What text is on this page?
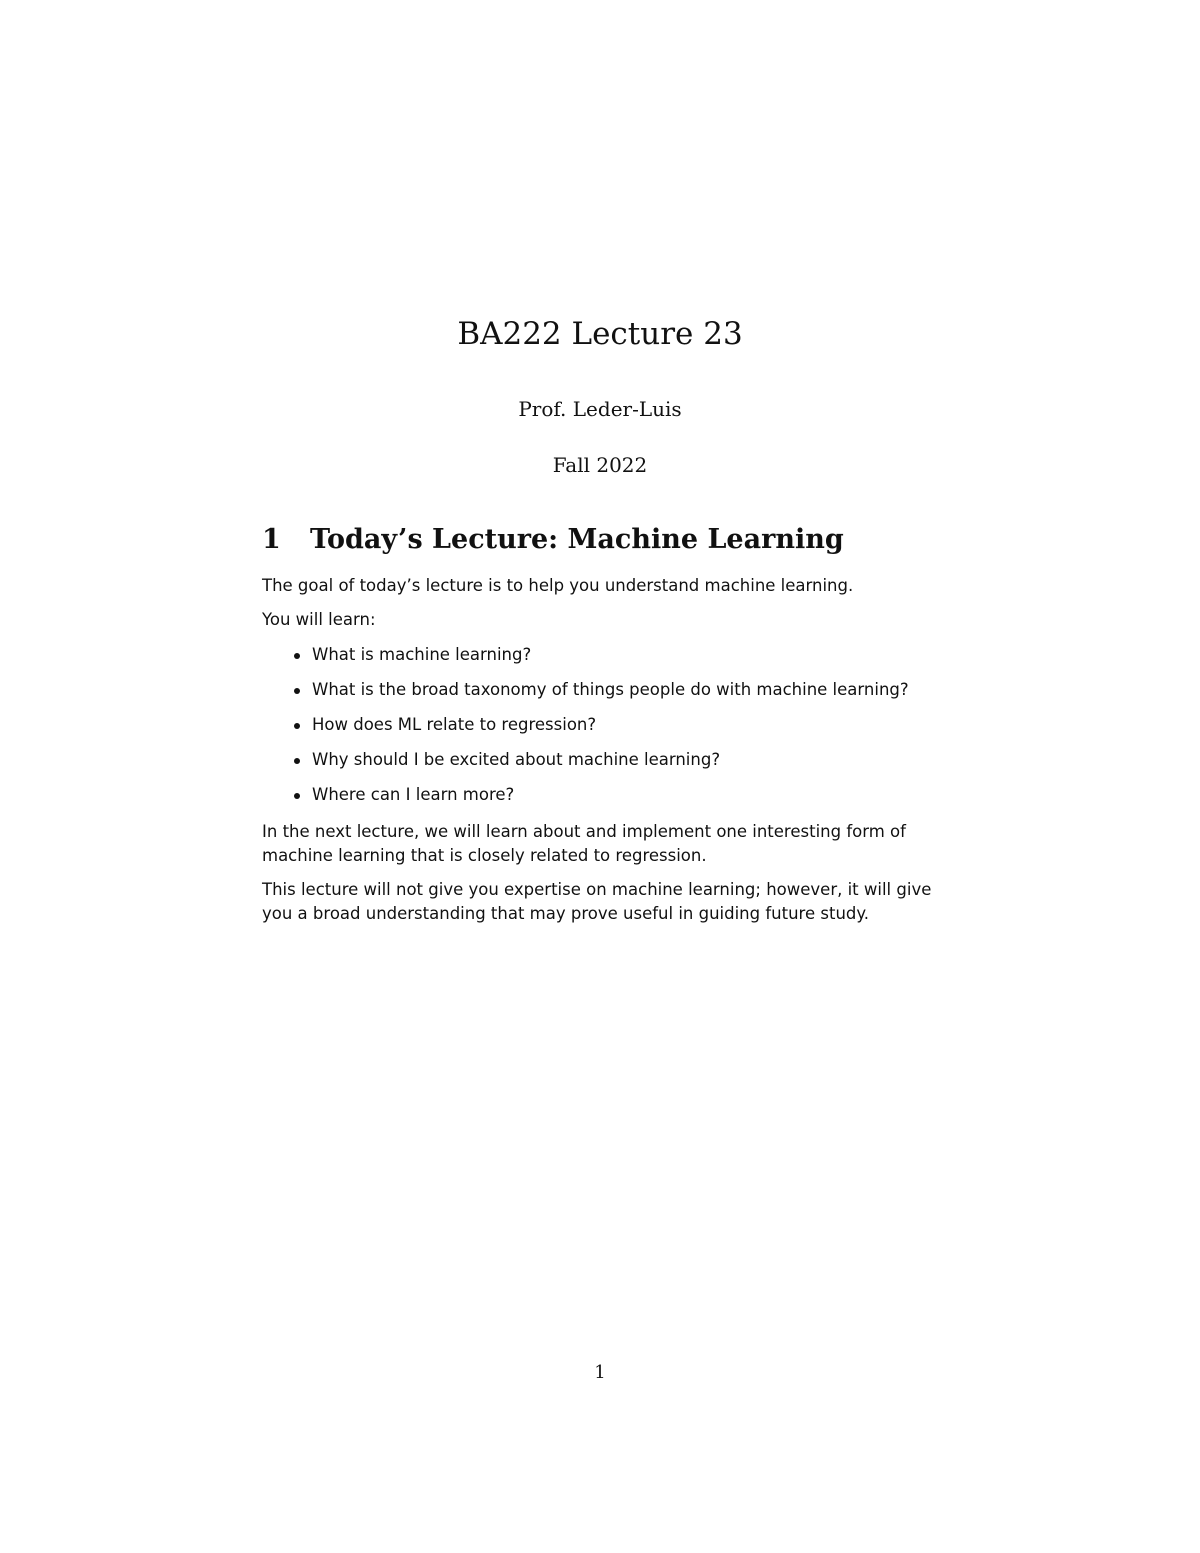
BA222 Lecture 23

Prof. Leder-Luis

Fall 2022

1 Today’s Lecture: Machine Learning

The goal of today’s lecture is to help you understand machine learning.

You will learn:

What is machine learning?
What is the broad taxonomy of things people do with machine learning?
How does ML relate to regression?
Why should I be excited about machine learning?
Where can I learn more?

In the next lecture, we will learn about and implement one interesting form of machine learning that is closely related to regression.

This lecture will not give you expertise on machine learning; however, it will give you a broad understanding that may prove useful in guiding future study.

1
